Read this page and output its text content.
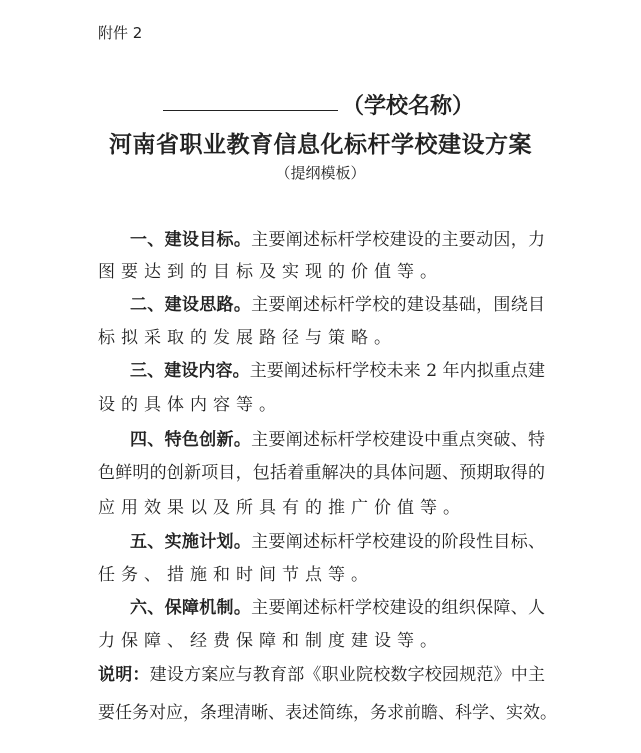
附件 2
（学校名称）
河南省职业教育信息化标杆学校建设方案
（提纲模板）
一、建设目标。主要阐述标杆学校建设的主要动因，力
图要达到的目标及实现的价值等。
二、建设思路。主要阐述标杆学校的建设基础，围绕目
标拟采取的发展路径与策略。
三、建设内容。主要阐述标杆学校未来 2 年内拟重点建
设的具体内容等。
四、特色创新。主要阐述标杆学校建设中重点突破、特
色鲜明的创新项目，包括着重解决的具体问题、预期取得的
应用效果以及所具有的推广价值等。
五、实施计划。主要阐述标杆学校建设的阶段性目标、
任务、措施和时间节点等。
六、保障机制。主要阐述标杆学校建设的组织保障、人
力保障、经费保障和制度建设等。
说明：建设方案应与教育部《职业院校数字校园规范》中主
要任务对应，条理清晰、表述简练，务求前瞻、科学、实效。
